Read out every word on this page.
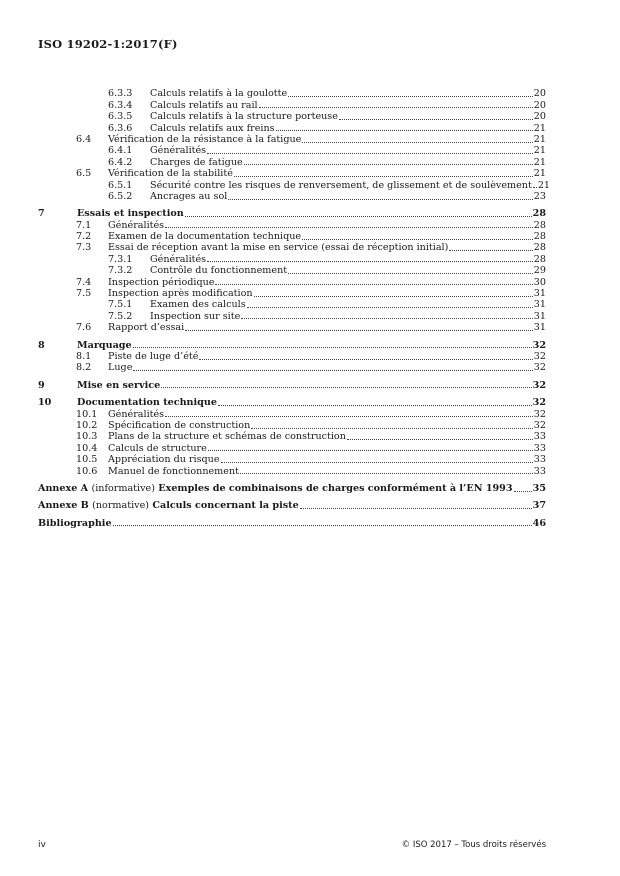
ISO 19202-1:2017(F)
6.3.3 Calculs relatifs à la goulotte	20
6.3.4 Calculs relatifs au rail	20
6.3.5 Calculs relatifs à la structure porteuse	20
6.3.6 Calculs relatifs aux freins	21
6.4 Vérification de la résistance à la fatigue	21
6.4.1 Généralités	21
6.4.2 Charges de fatigue	21
6.5 Vérification de la stabilité	21
6.5.1 Sécurité contre les risques de renversement, de glissement et de soulèvement 21
6.5.2 Ancrages au sol	23
7	Essais et inspection	28
7.1 Généralités	28
7.2 Examen de la documentation technique	28
7.3 Essai de réception avant la mise en service (essai de réception initial)	28
7.3.1 Généralités	28
7.3.2 Contrôle du fonctionnement	29
7.4 Inspection périodique	30
7.5 Inspection après modification	31
7.5.1 Examen des calculs	31
7.5.2 Inspection sur site	31
7.6 Rapport d’essai	31
8	Marquage	32
8.1 Piste de luge d’été	32
8.2 Luge	32
9	Mise en service	32
10	Documentation technique	32
10.1 Généralités	32
10.2 Spécification de construction	32
10.3 Plans de la structure et schémas de construction	33
10.4 Calculs de structure	33
10.5 Appréciation du risque	33
10.6 Manuel de fonctionnement	33
Annexe A (informative) Exemples de combinaisons de charges conformément à l’EN 1993 35
Annexe B (normative) Calculs concernant la piste	37
Bibliographie	46
iv	© ISO 2017 – Tous droits réservés
